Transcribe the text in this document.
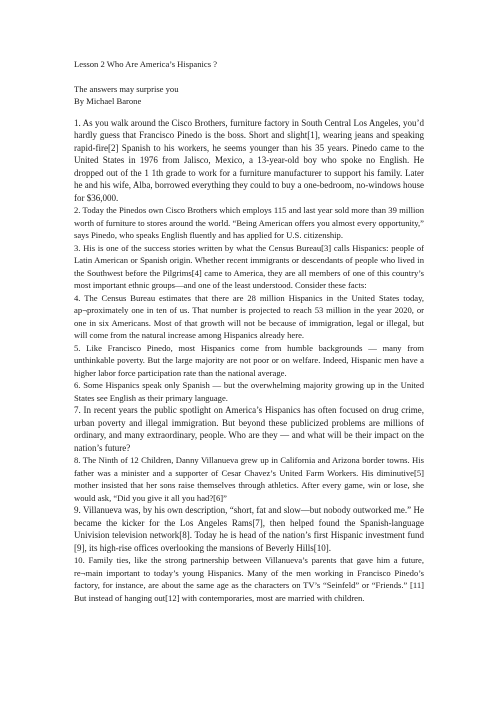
Lesson 2 Who Are America’s Hispanics ?

The answers may surprise you

By Michael Barone

1. As you walk around the Cisco Brothers, furniture factory in South Central Los Angeles, you’d hardly guess that Francisco Pinedo is the boss. Short and slight[1], wearing jeans and speaking rapid-fire[2] Spanish to his workers, he seems younger than his 35 years. Pinedo came to the United States in 1976 from Jalisco, Mexico, a 13-year-old boy who spoke no English. He dropped out of the 1 1th grade to work for a furniture manufacturer to support his family. Later he and his wife, Alba, borrowed everything they could to buy a one-bedroom, no-windows house for $36,000.

2. Today the Pinedos own Cisco Brothers which employs 115 and last year sold more than 39 million worth of furniture to stores around the world. “Being American offers you almost every opportunity,” says Pinedo, who speaks English fluently and has applied for U.S. citizenship.

3. His is one of the success stories written by what the Census Bureau[3] calls Hispanics: people of Latin American or Spanish origin. Whether recent immigrants or descendants of people who lived in the Southwest before the Pilgrims[4] came to America, they are all members of one of this country’s most important ethnic groups—and one of the least understood. Consider these facts:

4. The Census Bureau estimates that there are 28 million Hispanics in the United States today, ap¬proximately one in ten of us. That number is projected to reach 53 million in the year 2020, or one in six Americans. Most of that growth will not be because of immigration, legal or illegal, but will come from the natural increase among Hispanics already here.

5. Like Francisco Pinedo, most Hispanics come from humble backgrounds — many from unthinkable poverty. But the large majority are not poor or on welfare. Indeed, Hispanic men have a higher labor force participation rate than the national average.

6. Some Hispanics speak only Spanish — but the overwhelming majority growing up in the United States see English as their primary language.

7. In recent years the public spotlight on America’s Hispanics has often focused on drug crime, urban poverty and illegal immigration. But beyond these publicized problems are millions of ordinary, and many extraordinary, people. Who are they — and what will be their impact on the nation’s future?

8. The Ninth of 12 Children, Danny Villanueva grew up in California and Arizona border towns. His father was a minister and a supporter of Cesar Chavez’s United Farm Workers. His diminutive[5] mother insisted that her sons raise themselves through athletics. After every game, win or lose, she would ask, “Did you give it all you had?[6]”

9. Villanueva was, by his own description, “short, fat and slow—but nobody outworked me.” He became the kicker for the Los Angeles Rams[7], then helped found the Spanish-language Univision television network[8]. Today he is head of the nation’s first Hispanic investment fund [9], its high-rise offices overlooking the mansions of Beverly Hills[10].

10. Family ties, like the strong partnership between Villanueva’s parents that gave him a future, re¬main important to today’s young Hispanics. Many of the men working in Francisco Pinedo’s factory, for instance, are about the same age as the characters on TV’s “Seinfeld” or “Friends.” [11] But instead of hanging out[12] with contemporaries, most are married with children.
